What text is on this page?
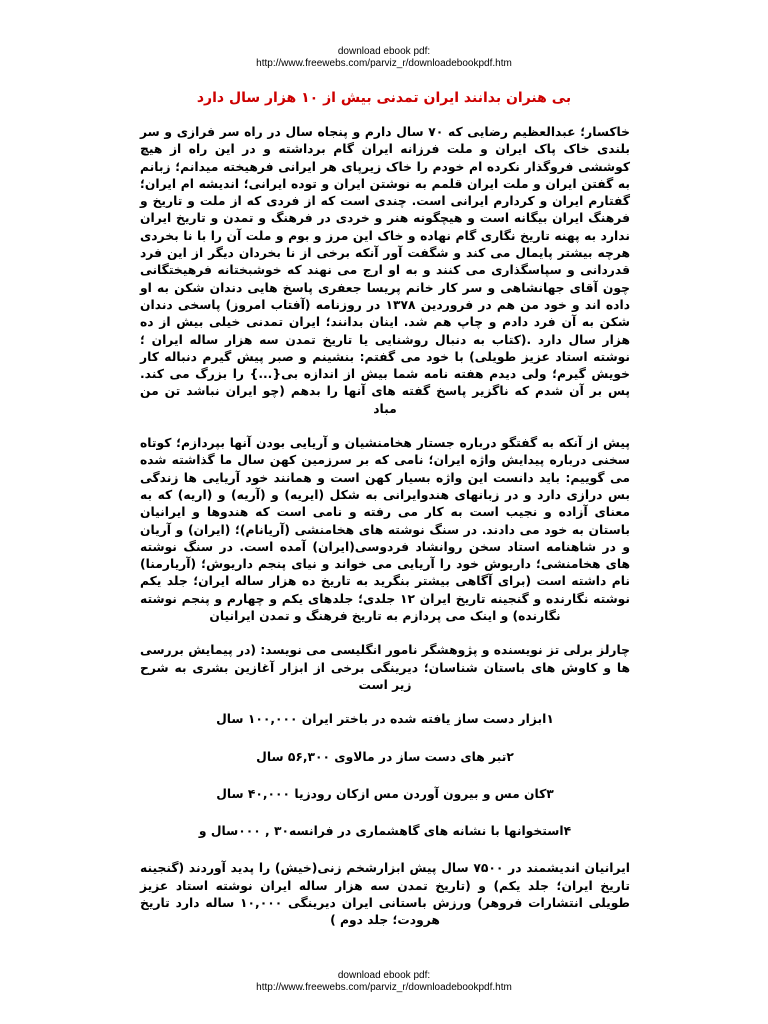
download ebook pdf:
http://www.freewebs.com/parviz_r/downloadebookpdf.htm
بی هنران بدانند ایران تمدنی بیش از ۱۰ هزار سال دارد

خاکسار؛ عبدالعظیم رضایی که ۷۰ سال دارم و پنجاه سال در راه سر فرازی و سر بلندی خاک پاک ایران و ملت فرزانه ایران گام برداشته و در این راه از هیچ کوششی فروگذار نکرده ام خودم را خاک زیرپای هر ایرانی فرهیخته میدانم؛ زبانم به گفتن ایران و ملت ایران قلمم به نوشتن ایران و توده ایرانی؛ اندیشه ام ایران؛ گفتارم ایران و کردارم ایرانی است. چندی است که از فردی که از ملت و تاریخ و فرهنگ ایران بیگانه است و هیچگونه هنر و خردی در فرهنگ و تمدن و تاریخ ایران ندارد به پهنه تاریخ نگاری گام نهاده و خاک این مرز و بوم و ملت آن را با نا بخردی هرچه بیشتر پایمال می کند و شگفت آور آنکه برخی از نا بخردان دیگر از این فرد قدردانی و سپاسگذاری می کنند و به او ارج می نهند که خوشبختانه فرهیختگانی چون آقای جهانشاهی و سر کار خانم پریسا جعفری پاسخ هایی دندان شکن به او داده اند و خود من هم در فروردین ۱۳۷۸ در روزنامه (آفتاب امروز) پاسخی دندان شکن به آن فرد دادم و چاپ هم شد. اینان بدانند؛ ایران تمدنی خیلی بیش از ده هزار سال دارد .(کتاب به دنبال روشنایی یا تاریخ تمدن سه هزار ساله ایران ؛ نوشته استاد عزیز طویلی) با خود می گفتم: بنشینم و صبر پیش گیرم دنباله کار خویش گیرم؛ ولی دیدم هفته نامه شما بیش از اندازه بی{...} را بزرگ می کند. پس بر آن شدم که ناگزیر پاسخ گفته های آنها را بدهم (چو ایران نباشد تن من مباد

پیش از آنکه به گفتگو درباره جستار هخامنشیان و آریایی بودن آنها بپردازم؛ کوتاه سخنی درباره پیدایش واژه ایران؛ نامی که بر سرزمین کهن سال ما گذاشته شده می گوییم: باید دانست این واژه بسیار کهن است و همانند خود آریایی ها زندگی بس درازی دارد و در زبانهای هندوایرانی به شکل (ایریه) و (آریه) و (اریه) که به معنای آزاده و نجیب است به کار می رفته و نامی است که هندوها و ایرانیان باستان به خود می دادند. در سنگ نوشته های هخامنشی (آریانام)؛ (ایران) و آریان و در شاهنامه استاد سخن روانشاد فردوسی(ایران) آمده است. در سنگ نوشته های هخامنشی؛ داریوش خود را آریایی می خواند و نیای پنجم داریوش؛ (آریارمنا) نام داشته است (برای آگاهی بیشتر بنگرید به تاریخ ده هزار ساله ایران؛ جلد یکم نوشته نگارنده و گنجینه تاریخ ایران ۱۲ جلدی؛ جلدهای یکم و چهارم و پنجم نوشته نگارنده) و اینک می پردازم به تاریخ فرهنگ و تمدن ایرانیان

چارلز برلی تز نویسنده و پژوهشگر نامور انگلیسی می نویسد: (در پیمایش بررسی ها و کاوش های باستان شناسان؛ دیرینگی برخی از ابزار آغازین بشری به شرح زیر است

۱ابزار دست ساز یافته شده در باختر ایران ۱۰۰,۰۰۰ سال
۲تبر های دست ساز در مالاوی ۵۶,۳۰۰ سال
۳کان مس و بیرون آوردن مس ازکان رودزیا ۴۰,۰۰۰ سال
۴استخوانها با نشانه های گاهشماری در فرانسه۳۰ , ۰۰۰سال و

ایرانیان اندیشمند در ۷۵۰۰ سال پیش ابزارشخم زنی(خیش) را پدید آوردند (گنجینه تاریخ ایران؛ جلد یکم) و (تاریخ تمدن سه هزار ساله ایران نوشته استاد عزیز طویلی انتشارات فروهر) ورزش باستانی ایران دیرینگی ۱۰,۰۰۰ ساله دارد تاریخ هرودت؛ جلد دوم )

download ebook pdf:
http://www.freewebs.com/parviz_r/downloadebookpdf.htm
